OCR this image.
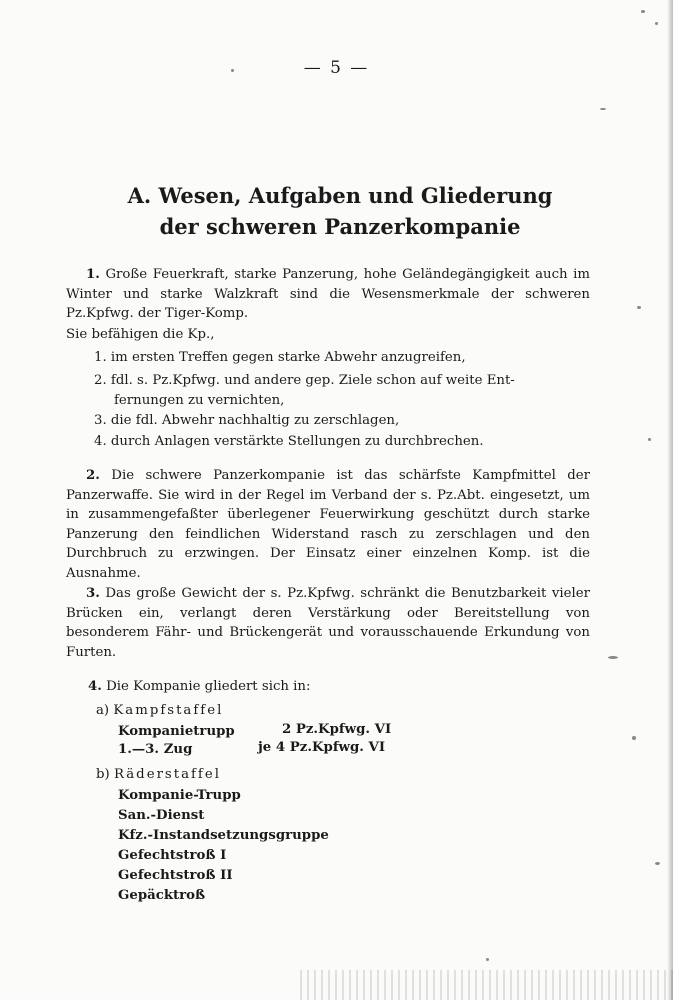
— 5 —
A. Wesen, Aufgaben und Gliederung
der schweren Panzerkompanie

1. Große Feuerkraft, starke Panzerung, hohe Geländegängigkeit auch im Winter und starke Walzkraft sind die Wesensmerkmale der schweren Pz.Kpfwg. der Tiger-Komp.

Sie befähigen die Kp.,
1. im ersten Treffen gegen starke Abwehr anzugreifen,
2. fdl. s. Pz.Kpfwg. und andere gep. Ziele schon auf weite Ent-
fernungen zu vernichten,
3. die fdl. Abwehr nachhaltig zu zerschlagen,
4. durch Anlagen verstärkte Stellungen zu durchbrechen.

2. Die schwere Panzerkompanie ist das schärfste Kampfmittel der Panzerwaffe. Sie wird in der Regel im Verband der s. Pz.Abt. eingesetzt, um in zusammengefaßter überlegener Feuerwirkung geschützt durch starke Panzerung den feindlichen Widerstand rasch zu zerschlagen und den Durchbruch zu erzwingen. Der Einsatz einer einzelnen Komp. ist die Ausnahme.

3. Das große Gewicht der s. Pz.Kpfwg. schränkt die Benutzbarkeit vieler Brücken ein, verlangt deren Verstärkung oder Bereitstellung von besonderem Fähr- und Brückengerät und vorausschauende Erkundung von Furten.

4. Die Kompanie gliedert sich in:
a) Kampfstaffel
Kompanietrupp	2 Pz.Kpfwg. VI
1.—3. Zug	je 4 Pz.Kpfwg. VI
b) Räderstaffel
Kompanie-Trupp
San.-Dienst
Kfz.-Instandsetzungsgruppe
Gefechtstroß I
Gefechtstroß II
Gepäcktroß
